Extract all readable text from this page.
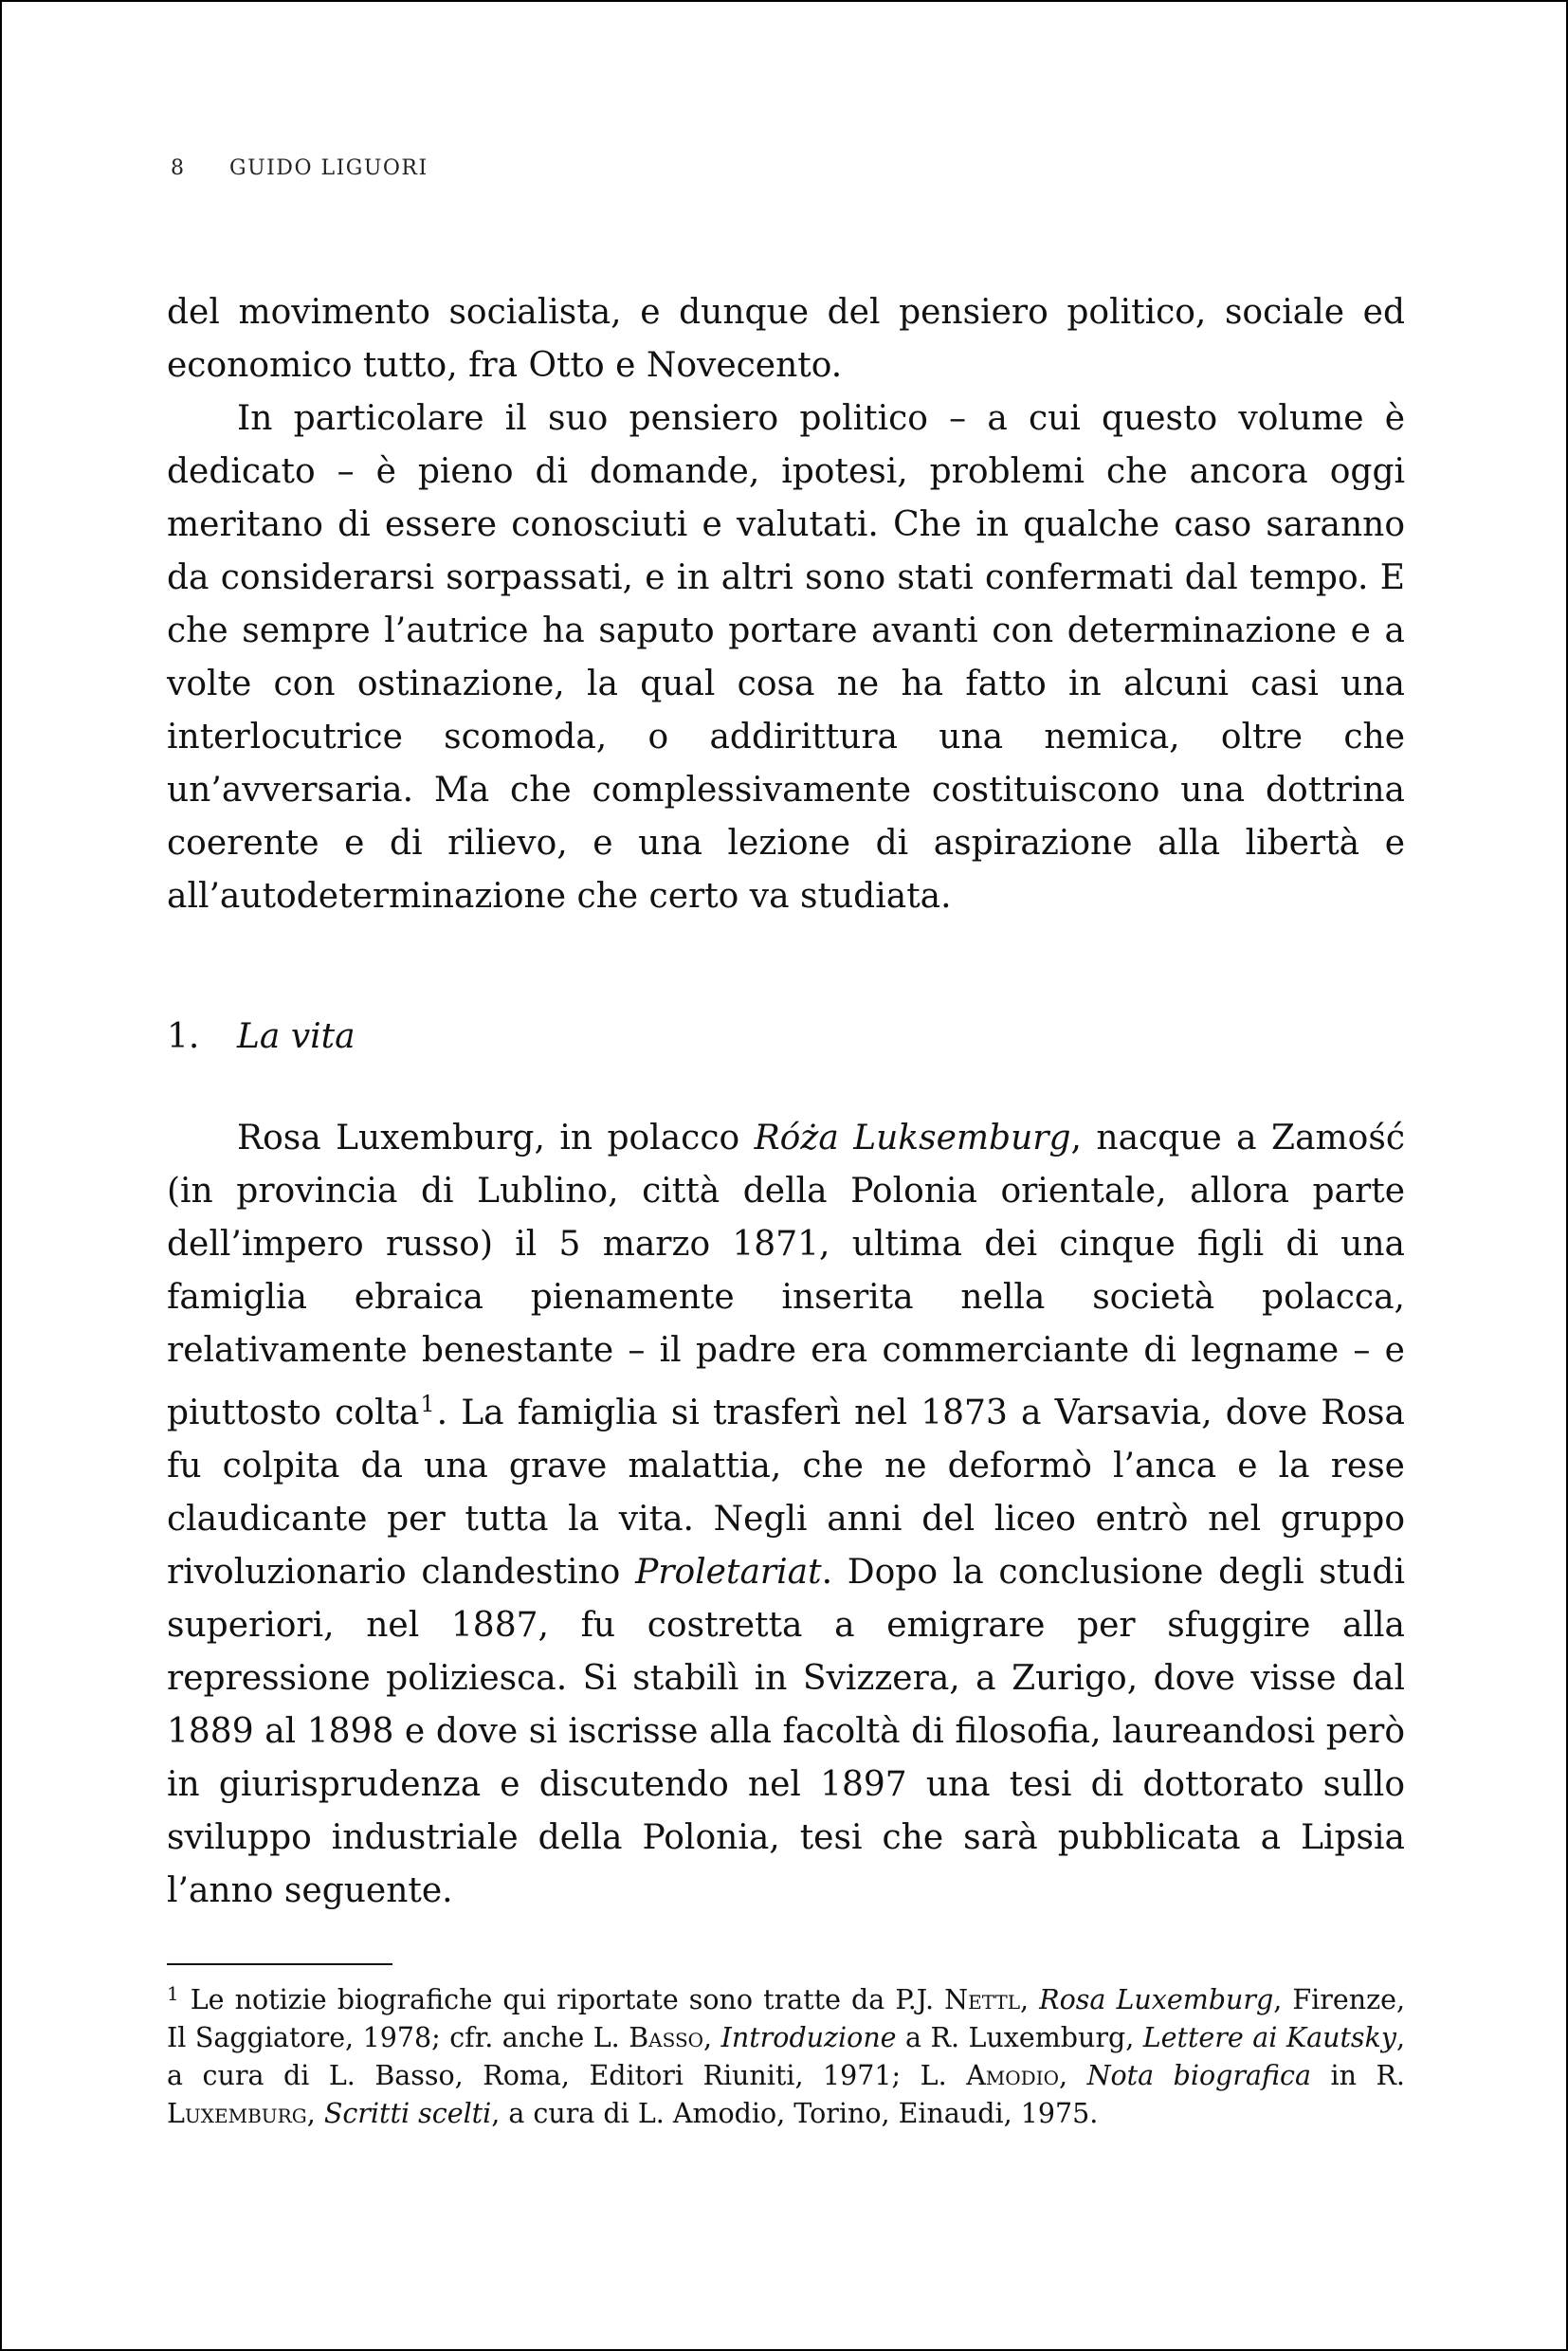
8 GUIDO LIGUORI

del movimento socialista, e dunque del pensiero politico, sociale ed economico tutto, fra Otto e Novecento.

In particolare il suo pensiero politico – a cui questo volume è dedicato – è pieno di domande, ipotesi, problemi che ancora oggi meritano di essere conosciuti e valutati. Che in qualche caso saranno da considerarsi sorpassati, e in altri sono stati confermati dal tempo. E che sempre l’autrice ha saputo portare avanti con determinazione e a volte con ostinazione, la qual cosa ne ha fatto in alcuni casi una interlocutrice scomoda, o addirittura una nemica, oltre che un’avversaria. Ma che complessivamente costituiscono una dottrina coerente e di rilievo, e una lezione di aspirazione alla libertà e all’autodeterminazione che certo va studiata.

1. La vita

Rosa Luxemburg, in polacco Róża Luksemburg, nacque a Zamość (in provincia di Lublino, città della Polonia orientale, allora parte dell’impero russo) il 5 marzo 1871, ultima dei cinque figli di una famiglia ebraica pienamente inserita nella società polacca, relativamente benestante – il padre era commerciante di legname – e piuttosto colta$^1$. La famiglia si trasferì nel 1873 a Varsavia, dove Rosa fu colpita da una grave malattia, che ne deformò l’anca e la rese claudicante per tutta la vita. Negli anni del liceo entrò nel gruppo rivoluzionario clandestino Proletariat. Dopo la conclusione degli studi superiori, nel 1887, fu costretta a emigrare per sfuggire alla repressione poliziesca. Si stabilì in Svizzera, a Zurigo, dove visse dal 1889 al 1898 e dove si iscrisse alla facoltà di filosofia, laureandosi però in giurisprudenza e discutendo nel 1897 una tesi di dottorato sullo sviluppo industriale della Polonia, tesi che sarà pubblicata a Lipsia l’anno seguente.

$^1$ Le notizie biografiche qui riportate sono tratte da P.J. Nettl, Rosa Luxemburg, Firenze, Il Saggiatore, 1978; cfr. anche L. Basso, Introduzione a R. Luxemburg, Lettere ai Kautsky, a cura di L. Basso, Roma, Editori Riuniti, 1971; L. Amodio, Nota biografica in R. Luxemburg, Scritti scelti, a cura di L. Amodio, Torino, Einaudi, 1975.
